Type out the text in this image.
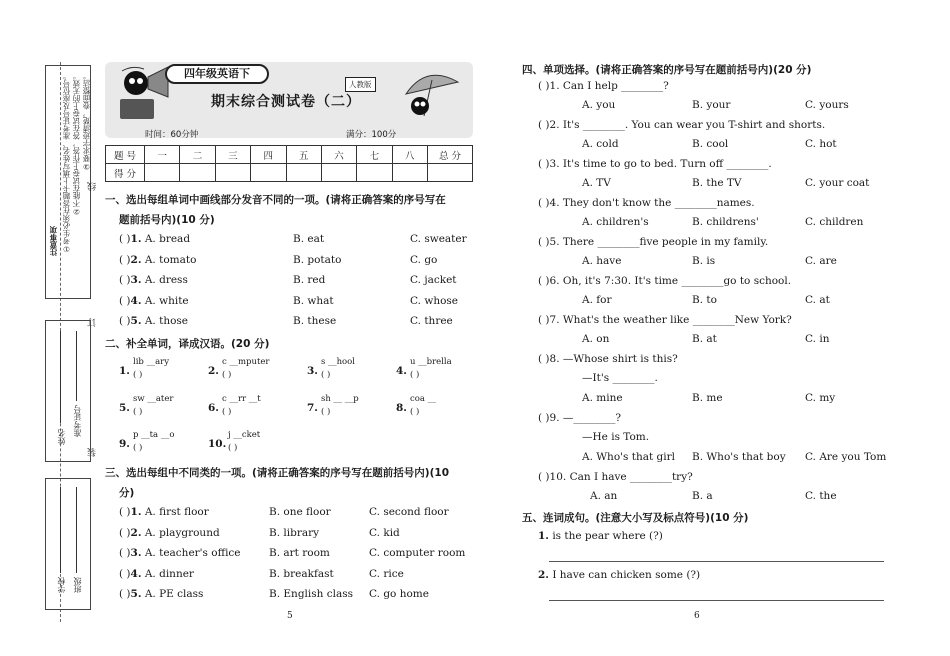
注意事项 ①考生必须在答题卡上填写姓名、准考证号及座位号。 ②不能在试卷上作答，答在试卷上的无效。 ③要求字迹清楚，卷面整洁。
线
订
装
姓名 准考证号
学校 班级
四年级英语下
人教版
期末综合测试卷（二）
时间：60分钟	满分：100分
题 号	一	二	三	四	五	六	七	八	总 分
得 分									
一、选出每组单词中画线部分发音不同的一项。(请将正确答案的序号写在
题前括号内)(10 分)
( )1. A. bread	B. eat	C. sweater
( )2. A. tomato	B. potato	C. go
( )3. A. dress	B. red	C. jacket
( )4. A. white	B. what	C. whose
( )5. A. those	B. these	C. three
二、补全单词，译成汉语。(20 分)
1.
lib __ary
( )	2.
c __mputer
( )	3.
s __hool
( )	4.
u __brella
( )
5.
sw __ater
( )	6.
c __rr __t
( )	7.
sh __ __p
( )	8.
coa __
( )
9.
p __ta __o
( )	10.
j __cket
( )
三、选出每组中不同类的一项。(请将正确答案的序号写在题前括号内)(10
分)
( )1. A. first floor	B. one floor	C. second floor
( )2. A. playground	B. library	C. kid
( )3. A. teacher's office	B. art room	C. computer room
( )4. A. dinner	B. breakfast	C. rice
( )5. A. PE class	B. English class C. go home
5
四、单项选择。(请将正确答案的序号写在题前括号内)(20 分)
( )1. Can I help ________?
A. you	B. your	C. yours
( )2. It's ________. You can wear you T-shirt and shorts.
A. cold	B. cool	C. hot
( )3. It's time to go to bed. Turn off ________.
A. TV	B. the TV	C. your coat
( )4. They don't know the ________names.
A. children's	B. childrens'	C. children
( )5. There ________five people in my family.
A. have	B. is	C. are
( )6. Oh, it's 7:30. It's time ________go to school.
A. for	B. to	C. at
( )7. What's the weather like ________New York?
A. on	B. at	C. in
( )8. —Whose shirt is this?
—It's ________.
A. mine	B. me	C. my
( )9. —________?
—He is Tom.
A. Who's that girl B. Who's that boy C. Are you Tom
( )10. Can I have ________try?
A. an	B. a	C. the
五、连词成句。(注意大小写及标点符号)(10 分)
1. is the pear where (?)
2. I have can chicken some (?)
6
